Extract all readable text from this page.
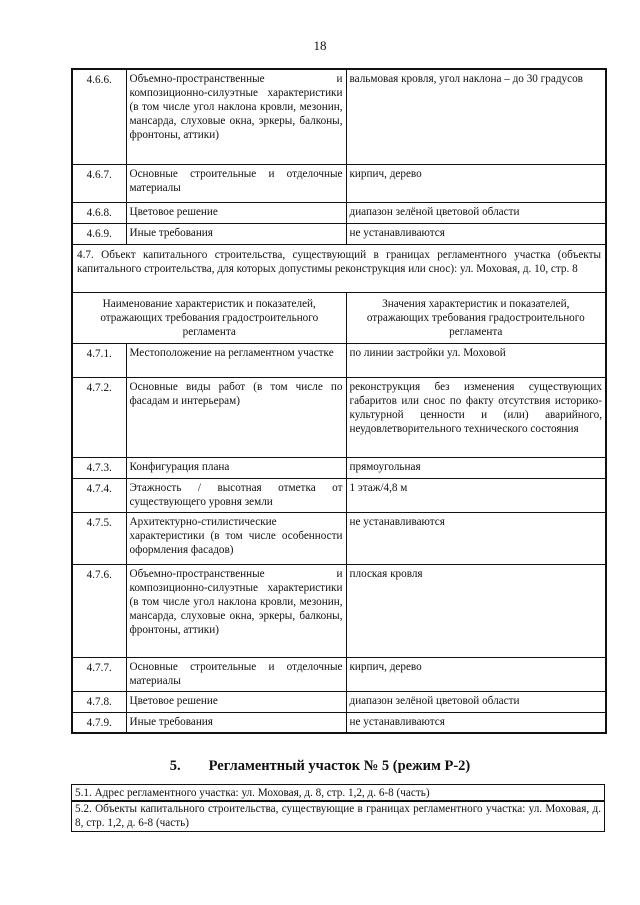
18
4.6.6.	Объемно-пространственные и композиционно-силуэтные характеристики (в том числе угол наклона кровли, мезонин, мансарда, слуховые окна, эркеры, балконы, фронтоны, аттики)	вальмовая кровля, угол наклона – до 30 градусов
4.6.7.	Основные строительные и отделочные материалы	кирпич, дерево
4.6.8.	Цветовое решение	диапазон зелёной цветовой области
4.6.9.	Иные требования	не устанавливаются
4.7. Объект капитального строительства, существующий в границах регламентного участка (объекты капитального строительства, для которых допустимы реконструкция или снос): ул. Моховая, д. 10, стр. 8		
Наименование характеристик и показателей, отражающих требования градостроительного регламента		Значения характеристик и показателей, отражающих требования градостроительного регламента
4.7.1.	Местоположение на регламентном участке	по линии застройки ул. Моховой
4.7.2.	Основные виды работ (в том числе по фасадам и интерьерам)	реконструкция без изменения существующих габаритов или снос по факту отсутствия историко-культурной ценности и (или) аварийного, неудовлетворительного технического состояния
4.7.3.	Конфигурация плана	прямоугольная
4.7.4.	Этажность / высотная отметка от существующего уровня земли	1 этаж/4,8 м
4.7.5.	Архитектурно-стилистические характеристики (в том числе особенности оформления фасадов)	не устанавливаются
4.7.6.	Объемно-пространственные и композиционно-силуэтные характеристики (в том числе угол наклона кровли, мезонин, мансарда, слуховые окна, эркеры, балконы, фронтоны, аттики)	плоская кровля
4.7.7.	Основные строительные и отделочные материалы	кирпич, дерево
4.7.8.	Цветовое решение	диапазон зелёной цветовой области
4.7.9.	Иные требования	не устанавливаются
5. Регламентный участок № 5 (режим Р-2)
5.1. Адрес регламентного участка: ул. Моховая, д. 8, стр. 1,2, д. 6-8 (часть)
5.2. Объекты капитального строительства, существующие в границах регламентного участка: ул. Моховая, д. 8, стр. 1,2, д. 6-8 (часть)
